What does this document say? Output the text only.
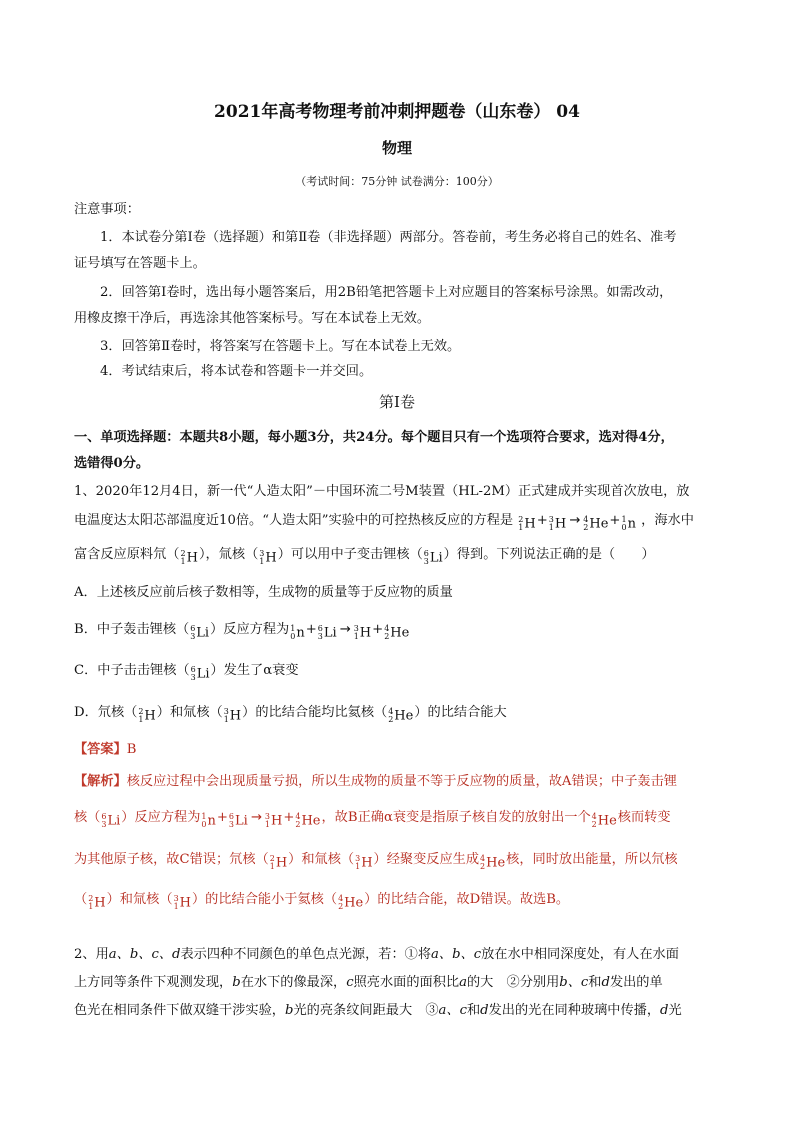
2021年高考物理考前冲刺押题卷（山东卷） 04
物理
（考试时间：75分钟 试卷满分：100分）
注意事项：
1．本试卷分第Ⅰ卷（选择题）和第Ⅱ卷（非选择题）两部分。答卷前，考生务必将自己的姓名、准考
证号填写在答题卡上。
2．回答第Ⅰ卷时，选出每小题答案后，用2B铅笔把答题卡上对应题目的答案标号涂黑。如需改动，
用橡皮擦干净后，再选涂其他答案标号。写在本试卷上无效。
3．回答第Ⅱ卷时，将答案写在答题卡上。写在本试卷上无效。
4．考试结束后，将本试卷和答题卡一并交回。
第Ⅰ卷
一、单项选择题：本题共8小题，每小题3分，共24分。每个题目只有一个选项符合要求，选对得4分，
选错得0分。
1、2020年12月4日，新一代“人造太阳”－中国环流二号M装置（HL-2M）正式建成并实现首次放电，放
电温度达太阳芯部温度近10倍。“人造太阳”实验中的可控热核反应的方程是 2
1 H+ 3
1 H → 4
2 He+ 1
0 n ，海水中
富含反应原料氘（ 2
1 H），氚核（ 3
1 H）可以用中子变击锂核（ 6
3 Li）得到。下列说法正确的是（　　）
A．上述核反应前后核子数相等，生成物的质量等于反应物的质量
B．中子轰击锂核（ 6
3 Li）反应方程为 1
0 n+ 6
3 Li → 3
1 H+ 4
2 He
C．中子击击锂核（ 6
3 Li）发生了α衰变
D．氘核（ 2
1 H）和氚核（ 3
1 H）的比结合能均比氦核（ 4
2 He）的比结合能大
【答案】B
【解析】核反应过程中会出现质量亏损，所以生成物的质量不等于反应物的质量，故A错误；中子轰击锂
核（ 6
3 Li）反应方程为 1
0 n+ 6
3 Li → 3
1 H+ 4
2 He，故B正确α衰变是指原子核自发的放射出一个 4
2 He核而转变
为其他原子核，故C错误；氘核（ 2
1 H）和氚核（ 3
1 H）经聚变反应生成 4
2 He核，同时放出能量，所以氘核
（ 2
1 H）和氚核（ 3
1 H）的比结合能小于氦核（ 4
2 He）的比结合能，故D错误。故选B。
2、用a、b、c、d表示四种不同颜色的单色点光源，若：①将a、b、c放在水中相同深度处，有人在水面
上方同等条件下观测发现，b在水下的像最深，c照亮水面的面积比a的大　②分别用b、c和d发出的单
色光在相同条件下做双缝干涉实验，b光的亮条纹间距最大　③a、c和d发出的光在同种玻璃中传播，d光
